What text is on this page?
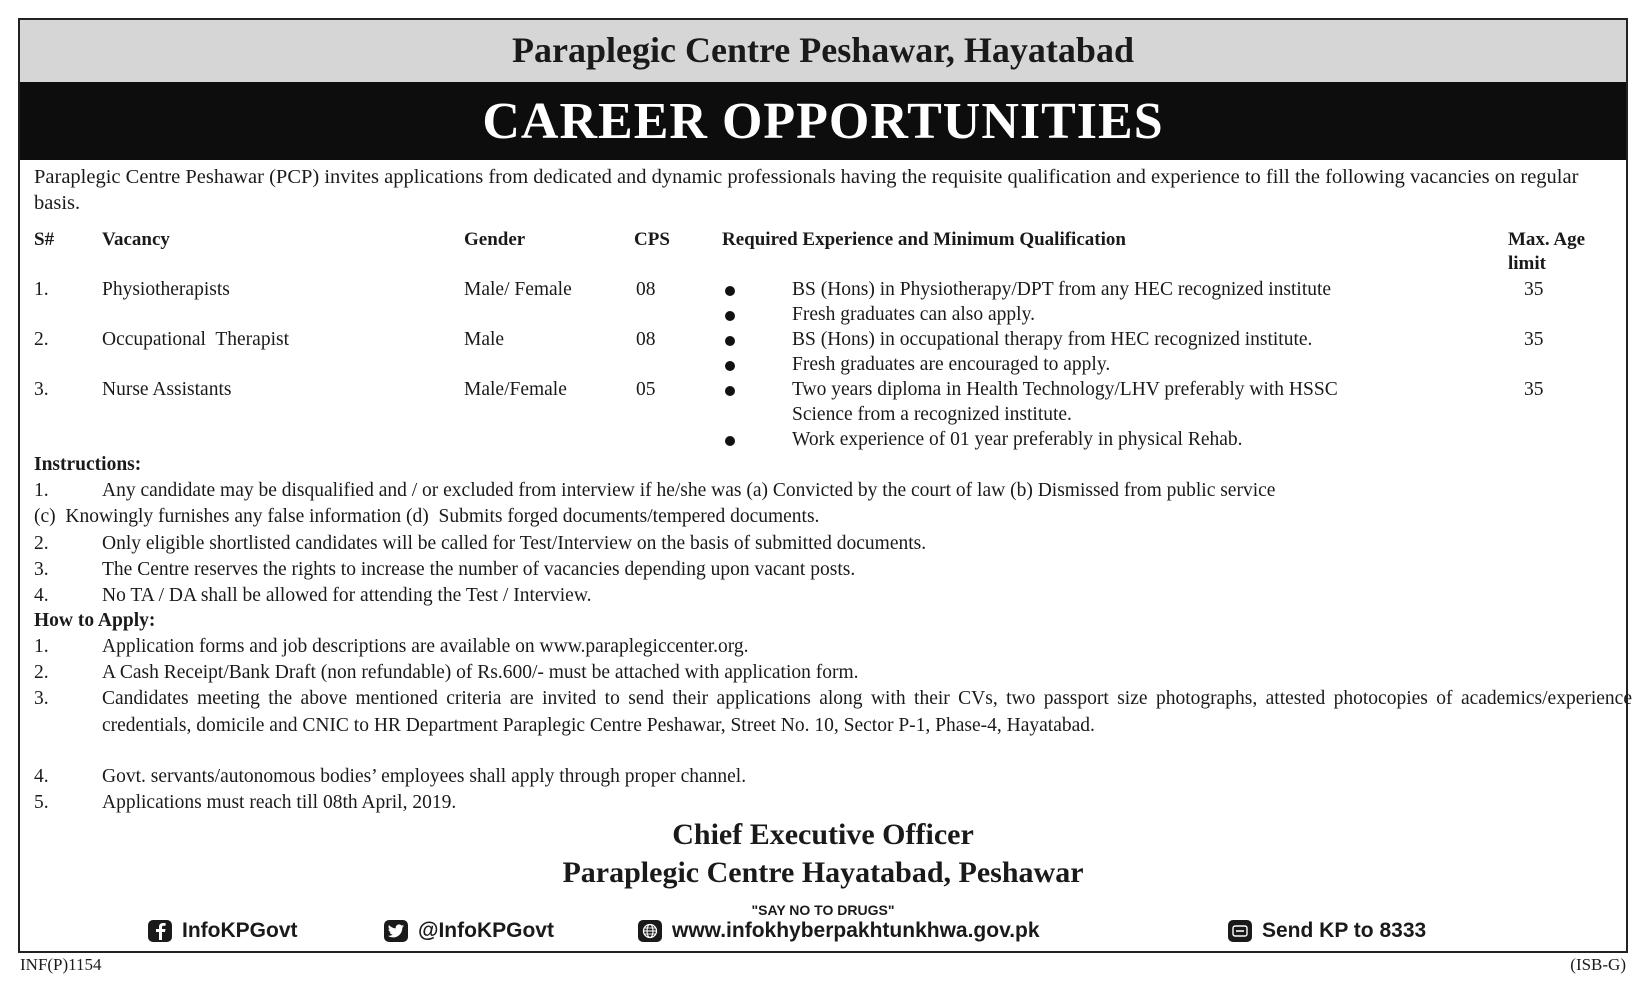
Paraplegic Centre Peshawar, Hayatabad
CAREER OPPORTUNITIES
Paraplegic Centre Peshawar (PCP) invites applications from dedicated and dynamic professionals having the requisite qualification and experience to fill the following vacancies on regular basis.
S#	Vacancy	Gender	CPS	Required Experience and Minimum Qualification	Max. Age
limit
1.	Physiotherapists	Male/ Female	08	BS (Hons) in Physiotherapy/DPT from any HEC recognized institute
Fresh graduates can also apply.
35
2.	Occupational  Therapist	Male	08	BS (Hons) in occupational therapy from HEC recognized institute.
Fresh graduates are encouraged to apply.
35
3.	Nurse Assistants	Male/Female	05	Two years diploma in Health Technology/LHV preferably with HSSC
Science from a recognized institute.
Work experience of 01 year preferably in physical Rehab.
35
Instructions:
1.	Any candidate may be disqualified and / or excluded from interview if he/she was (a) Convicted by the court of law (b) Dismissed from public service
(c)  Knowingly furnishes any false information (d)  Submits forged documents/tempered documents.
2.	Only eligible shortlisted candidates will be called for Test/Interview on the basis of submitted documents.
3.	The Centre reserves the rights to increase the number of vacancies depending upon vacant posts.
4.	No TA / DA shall be allowed for attending the Test / Interview.
How to Apply:
1.	Application forms and job descriptions are available on www.paraplegiccenter.org.
2.	A Cash Receipt/Bank Draft (non refundable) of Rs.600/- must be attached with application form.
3.	Candidates meeting the above mentioned criteria are invited to send their applications along with their CVs, two passport size photographs, attested photocopies of academics/experience credentials, domicile and CNIC to HR Department Paraplegic Centre Peshawar, Street No. 10, Sector P-1, Phase-4, Hayatabad.
4.	Govt. servants/autonomous bodies’ employees shall apply through proper channel.
5.	Applications must reach till 08th April, 2019.
Chief Executive Officer
Paraplegic Centre Hayatabad, Peshawar
"SAY NO TO DRUGS"
InfoKPGovt	@InfoKPGovt	www.infokhyberpakhtunkhwa.gov.pk	Send KP to 8333
INF(P)1154	(ISB-G)
